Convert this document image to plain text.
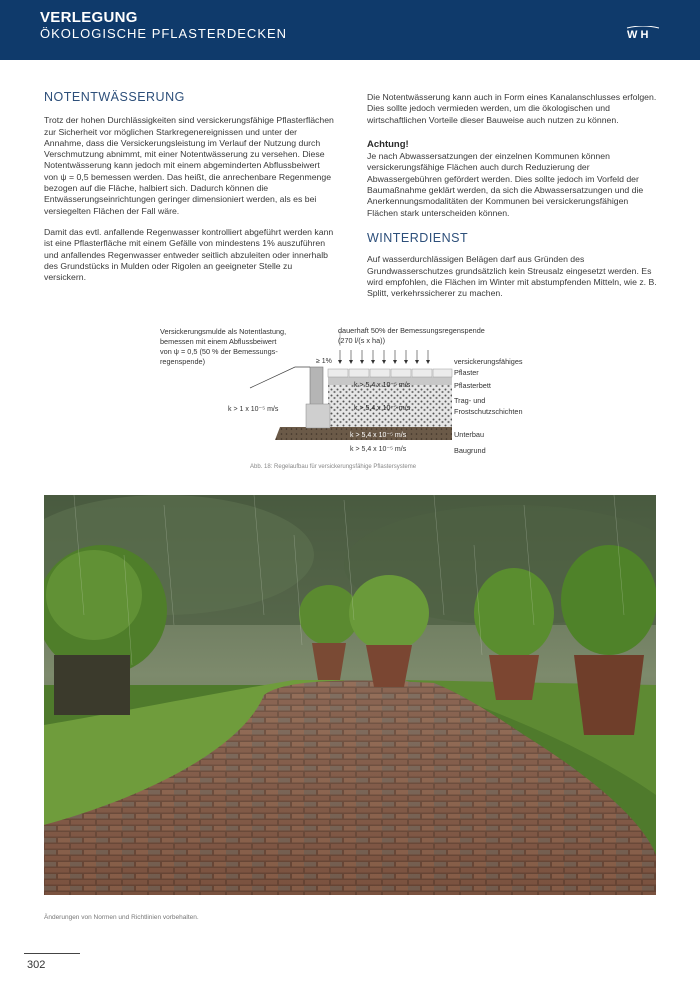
VERLEGUNG
ÖKOLOGISCHE PFLASTERDECKEN	W H
NOTENTWÄSSERUNG

Trotz der hohen Durchlässigkeiten sind versickerungsfähige Pflasterflächen zur Sicherheit vor möglichen Starkregenereignissen und unter der Annahme, dass die Versickerungsleistung im Verlauf der Nutzung durch Verschmutzung abnimmt, mit einer Notentwässerung zu versehen. Diese Notentwässerung kann jedoch mit einem abgeminderten Abflussbeiwert von ψ = 0,5 bemessen werden. Das heißt, die anrechenbare Regenmenge bezogen auf die Fläche, halbiert sich. Dadurch können die Entwässerungseinrichtungen geringer dimensioniert werden, als es bei versiegelten Flächen der Fall wäre.

Damit das evtl. anfallende Regenwasser kontrolliert abgeführt werden kann ist eine Pflasterfläche mit einem Gefälle von mindestens 1% auszuführen und anfallendes Regenwasser entweder seitlich abzuleiten oder innerhalb des Grundstücks in Mulden oder Rigolen an geeigneter Stelle zu versickern.

Die Notentwässerung kann auch in Form eines Kanalanschlusses erfolgen. Dies sollte jedoch vermieden werden, um die ökologischen und wirtschaftlichen Vorteile dieser Bauweise auch nutzen zu können.

Achtung!

Je nach Abwassersatzungen der einzelnen Kommunen können versickerungsfähige Flächen auch durch Reduzierung der Abwassergebühren gefördert werden. Dies sollte jedoch im Vorfeld der Baumaßnahme geklärt werden, da sich die Abwassersatzungen und die Anerkennungsmodalitäten der Kommunen bei versickerungsfähigen Flächen stark unterscheiden können.

WINTERDIENST

Auf wasserdurchlässigen Belägen darf aus Gründen des Grundwasserschutzes grundsätzlich kein Streusalz eingesetzt werden. Es wird empfohlen, die Flächen im Winter mit abstumpfenden Mitteln, wie z. B. Splitt, verkehrssicherer zu machen.

Versickerungsmulde als Notentlastung,
bemessen mit einem Abflussbeiwert
von ψ = 0,5 (50 % der Bemessungs-
regenspende)
dauerhaft 50% der Bemessungsregenspende
(270 l/(s x ha))
≥ 1%
k > 1 x 10⁻⁵ m/s
k > 5,4 x 10⁻⁵ m/s
k > 5,4 x 10⁻⁵ m/s
k > 5,4 x 10⁻⁵ m/s
k > 5,4 x 10⁻⁵ m/s
versickerungsfähiges
Pflaster
Pflasterbett
Trag- und
Frostschutzschichten
Unterbau
Baugrund
Abb. 18: Regelaufbau für versickerungsfähige Pflastersysteme
Änderungen von Normen und Richtlinien vorbehalten.
302
